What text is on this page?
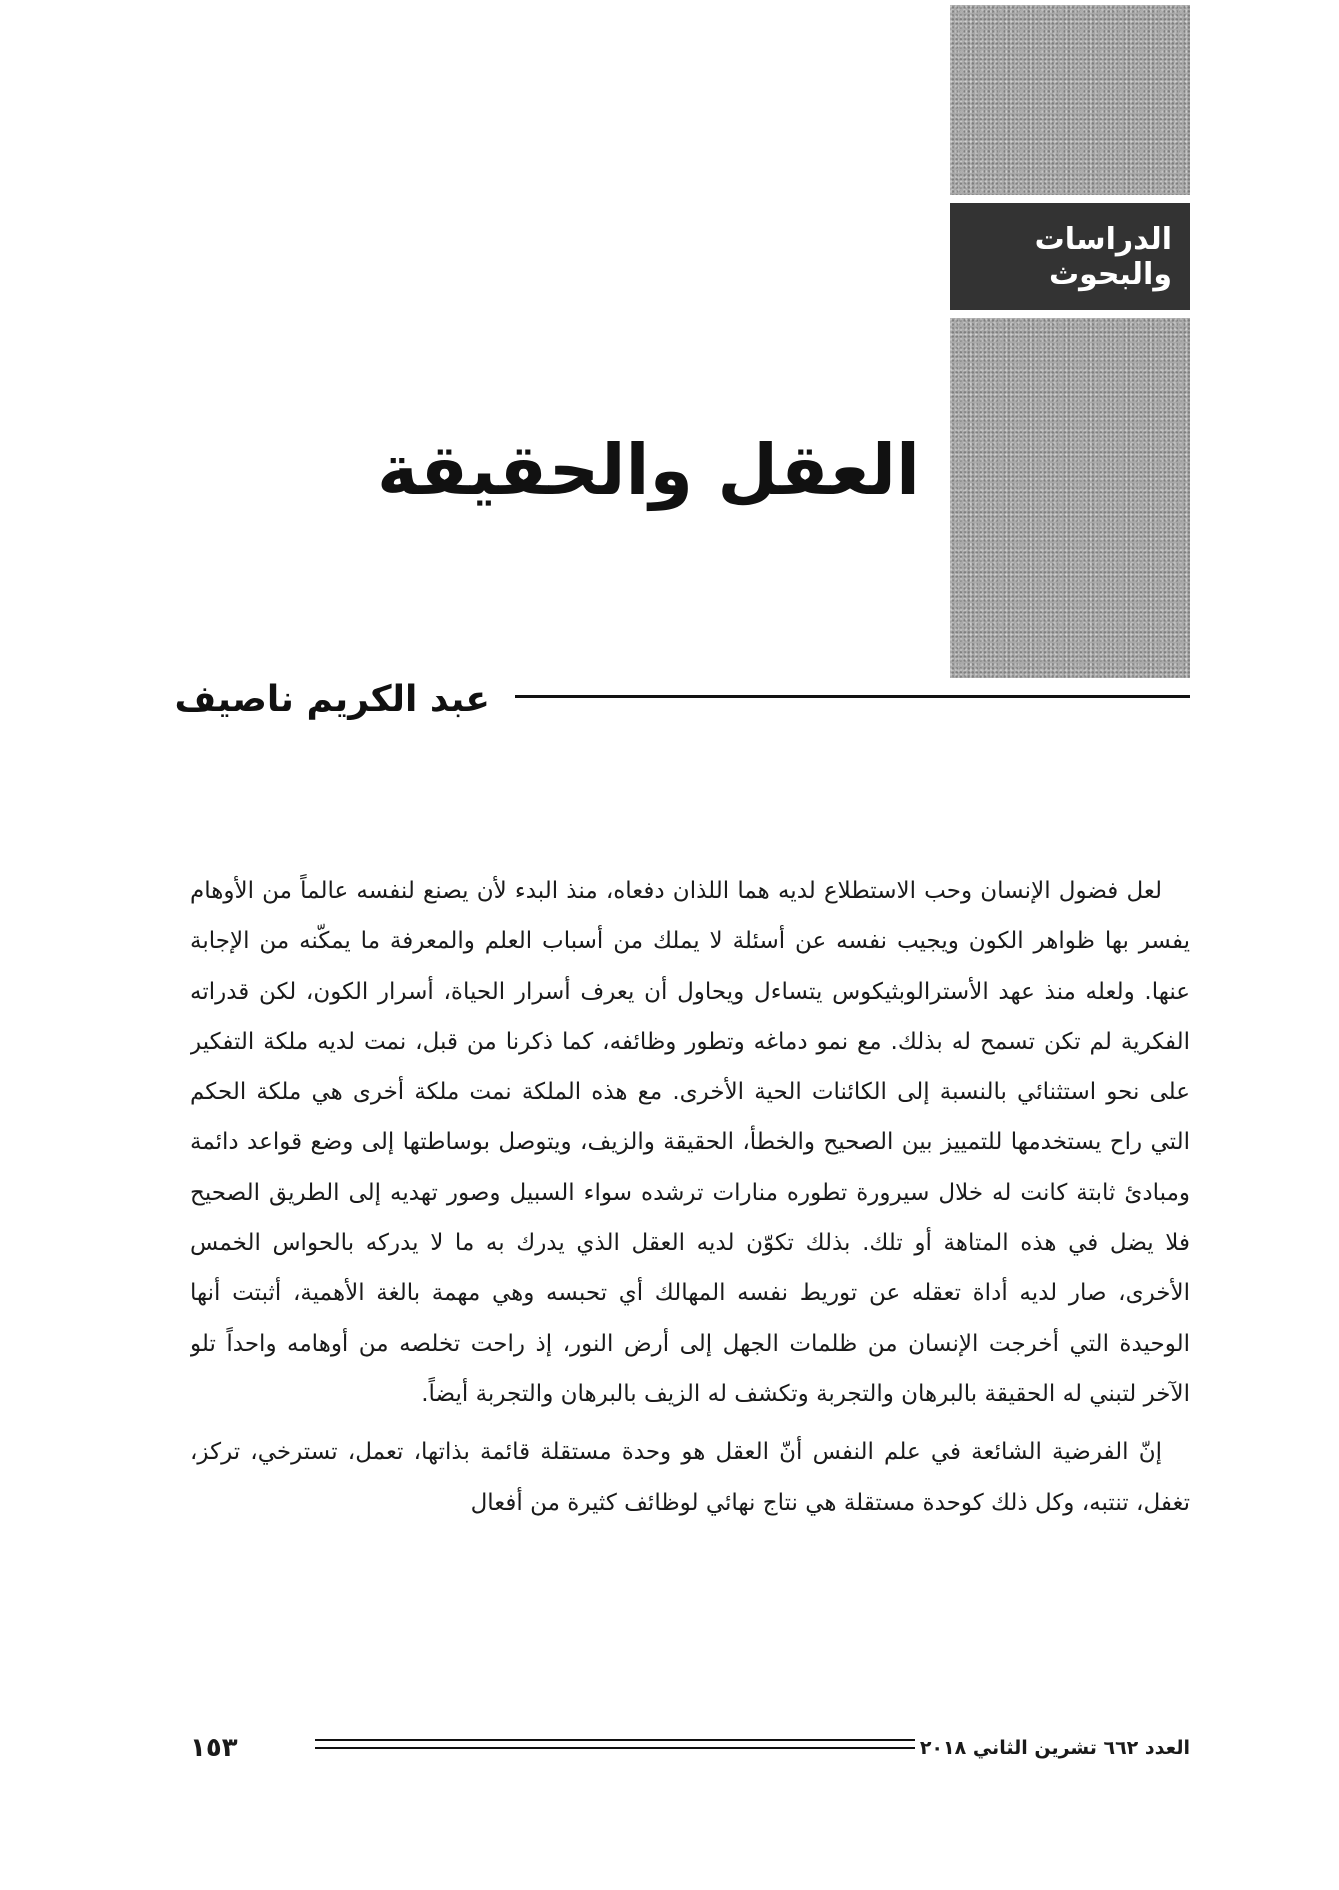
الدراسات والبحوث
العقل والحقيقة
عبد الكريم ناصيف

لعل فضول الإنسان وحب الاستطلاع لديه هما اللذان دفعاه، منذ البدء لأن يصنع لنفسه عالماً من الأوهام يفسر بها ظواهر الكون ويجيب نفسه عن أسئلة لا يملك من أسباب العلم والمعرفة ما يمكّنه من الإجابة عنها. ولعله منذ عهد الأسترالوبثيكوس يتساءل ويحاول أن يعرف أسرار الحياة، أسرار الكون، لكن قدراته الفكرية لم تكن تسمح له بذلك. مع نمو دماغه وتطور وظائفه، كما ذكرنا من قبل، نمت لديه ملكة التفكير على نحو استثنائي بالنسبة إلى الكائنات الحية الأخرى. مع هذه الملكة نمت ملكة أخرى هي ملكة الحكم التي راح يستخدمها للتمييز بين الصحيح والخطأ، الحقيقة والزيف، ويتوصل بوساطتها إلى وضع قواعد دائمة ومبادئ ثابتة كانت له خلال سيرورة تطوره منارات ترشده سواء السبيل وصور تهديه إلى الطريق الصحيح فلا يضل في هذه المتاهة أو تلك. بذلك تكوّن لديه العقل الذي يدرك به ما لا يدركه بالحواس الخمس الأخرى، صار لديه أداة تعقله عن توريط نفسه المهالك أي تحبسه وهي مهمة بالغة الأهمية، أثبتت أنها الوحيدة التي أخرجت الإنسان من ظلمات الجهل إلى أرض النور، إذ راحت تخلصه من أوهامه واحداً تلو الآخر لتبني له الحقيقة بالبرهان والتجربة وتكشف له الزيف بالبرهان والتجربة أيضاً.

إنّ الفرضية الشائعة في علم النفس أنّ العقل هو وحدة مستقلة قائمة بذاتها، تعمل، تسترخي، تركز، تغفل، تنتبه، وكل ذلك كوحدة مستقلة هي نتاج نهائي لوظائف كثيرة من أفعال

١٥٣	العدد ٦٦٢ تشرين الثاني ٢٠١٨
